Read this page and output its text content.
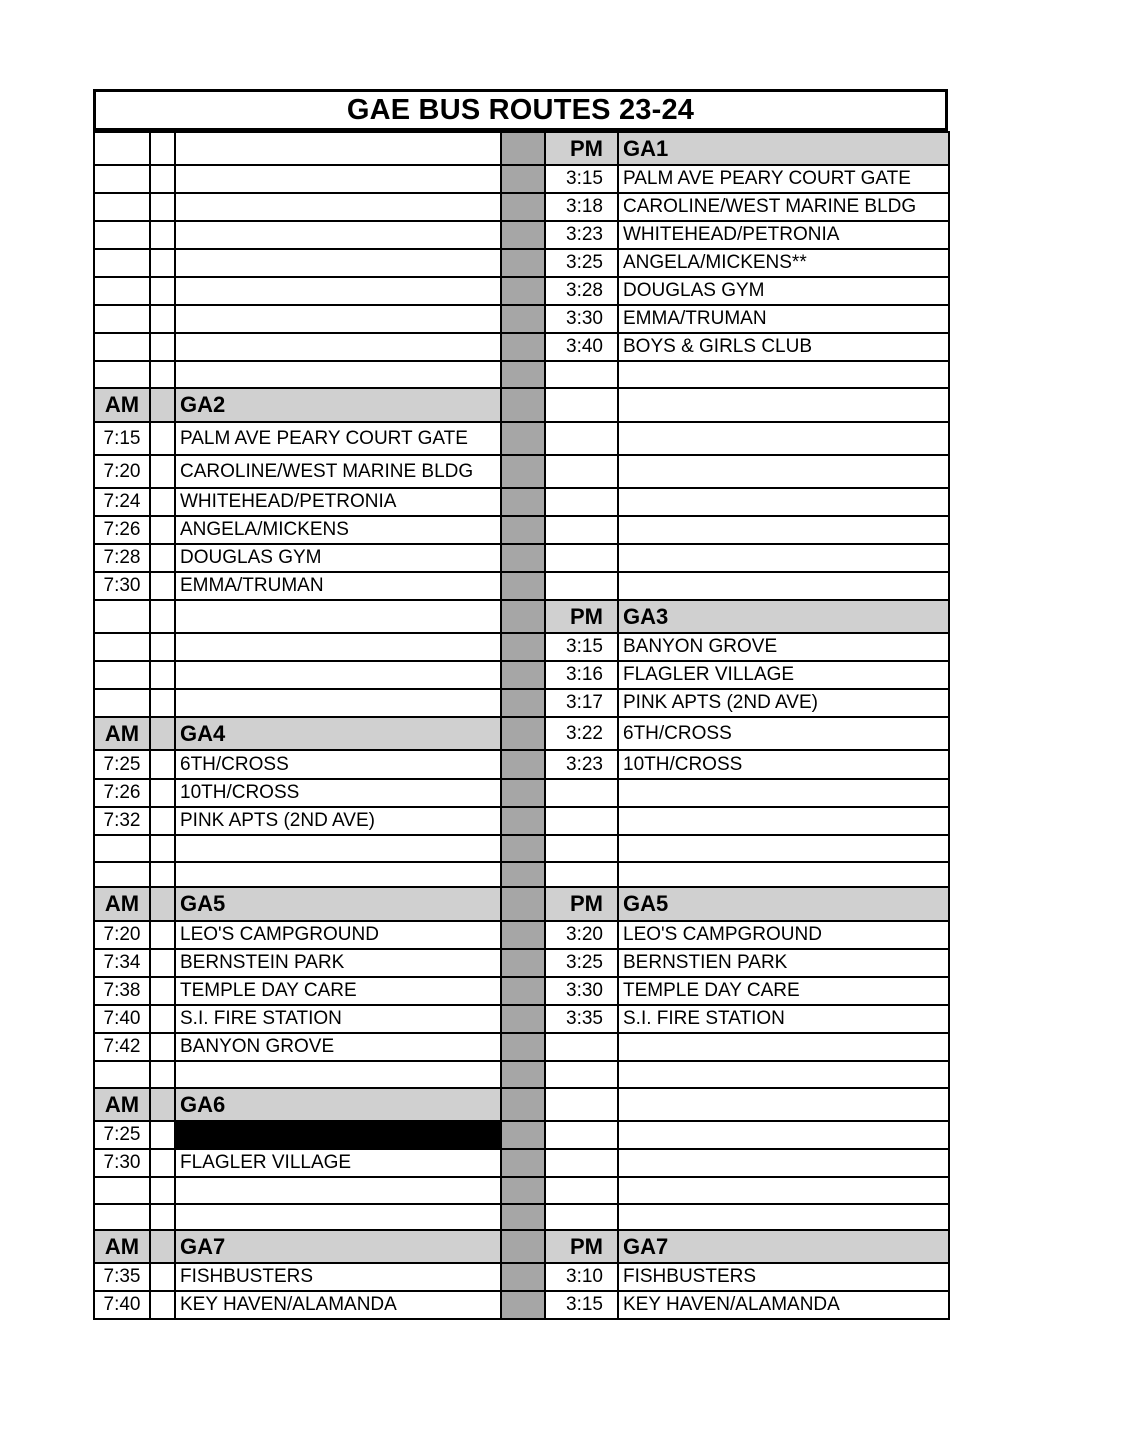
GAE BUS ROUTES 23-24
				PM	GA1
				3:15	PALM AVE PEARY COURT GATE
				3:18	CAROLINE/WEST MARINE BLDG
				3:23	WHITEHEAD/PETRONIA
				3:25	ANGELA/MICKENS**
				3:28	DOUGLAS GYM
				3:30	EMMA/TRUMAN
				3:40	BOYS & GIRLS CLUB

AM		GA2			
7:15		PALM AVE PEARY COURT GATE			
7:20		CAROLINE/WEST MARINE BLDG			
7:24		WHITEHEAD/PETRONIA			
7:26		ANGELA/MICKENS			
7:28		DOUGLAS GYM			
7:30		EMMA/TRUMAN			
				PM	GA3
				3:15	BANYON GROVE
				3:16	FLAGLER VILLAGE
				3:17	PINK APTS (2ND AVE)
AM		GA4		3:22	6TH/CROSS
7:25		6TH/CROSS		3:23	10TH/CROSS
7:26		10TH/CROSS			
7:32		PINK APTS (2ND AVE)			

AM		GA5		PM	GA5
7:20		LEO'S CAMPGROUND		3:20	LEO'S CAMPGROUND
7:34		BERNSTEIN PARK		3:25	BERNSTIEN PARK
7:38		TEMPLE DAY CARE		3:30	TEMPLE DAY CARE
7:40		S.I. FIRE STATION		3:35	S.I. FIRE STATION
7:42		BANYON GROVE			

AM		GA6			
7:25					
7:30		FLAGLER VILLAGE			

AM		GA7		PM	GA7
7:35		FISHBUSTERS		3:10	FISHBUSTERS
7:40		KEY HAVEN/ALAMANDA		3:15	KEY HAVEN/ALAMANDA
